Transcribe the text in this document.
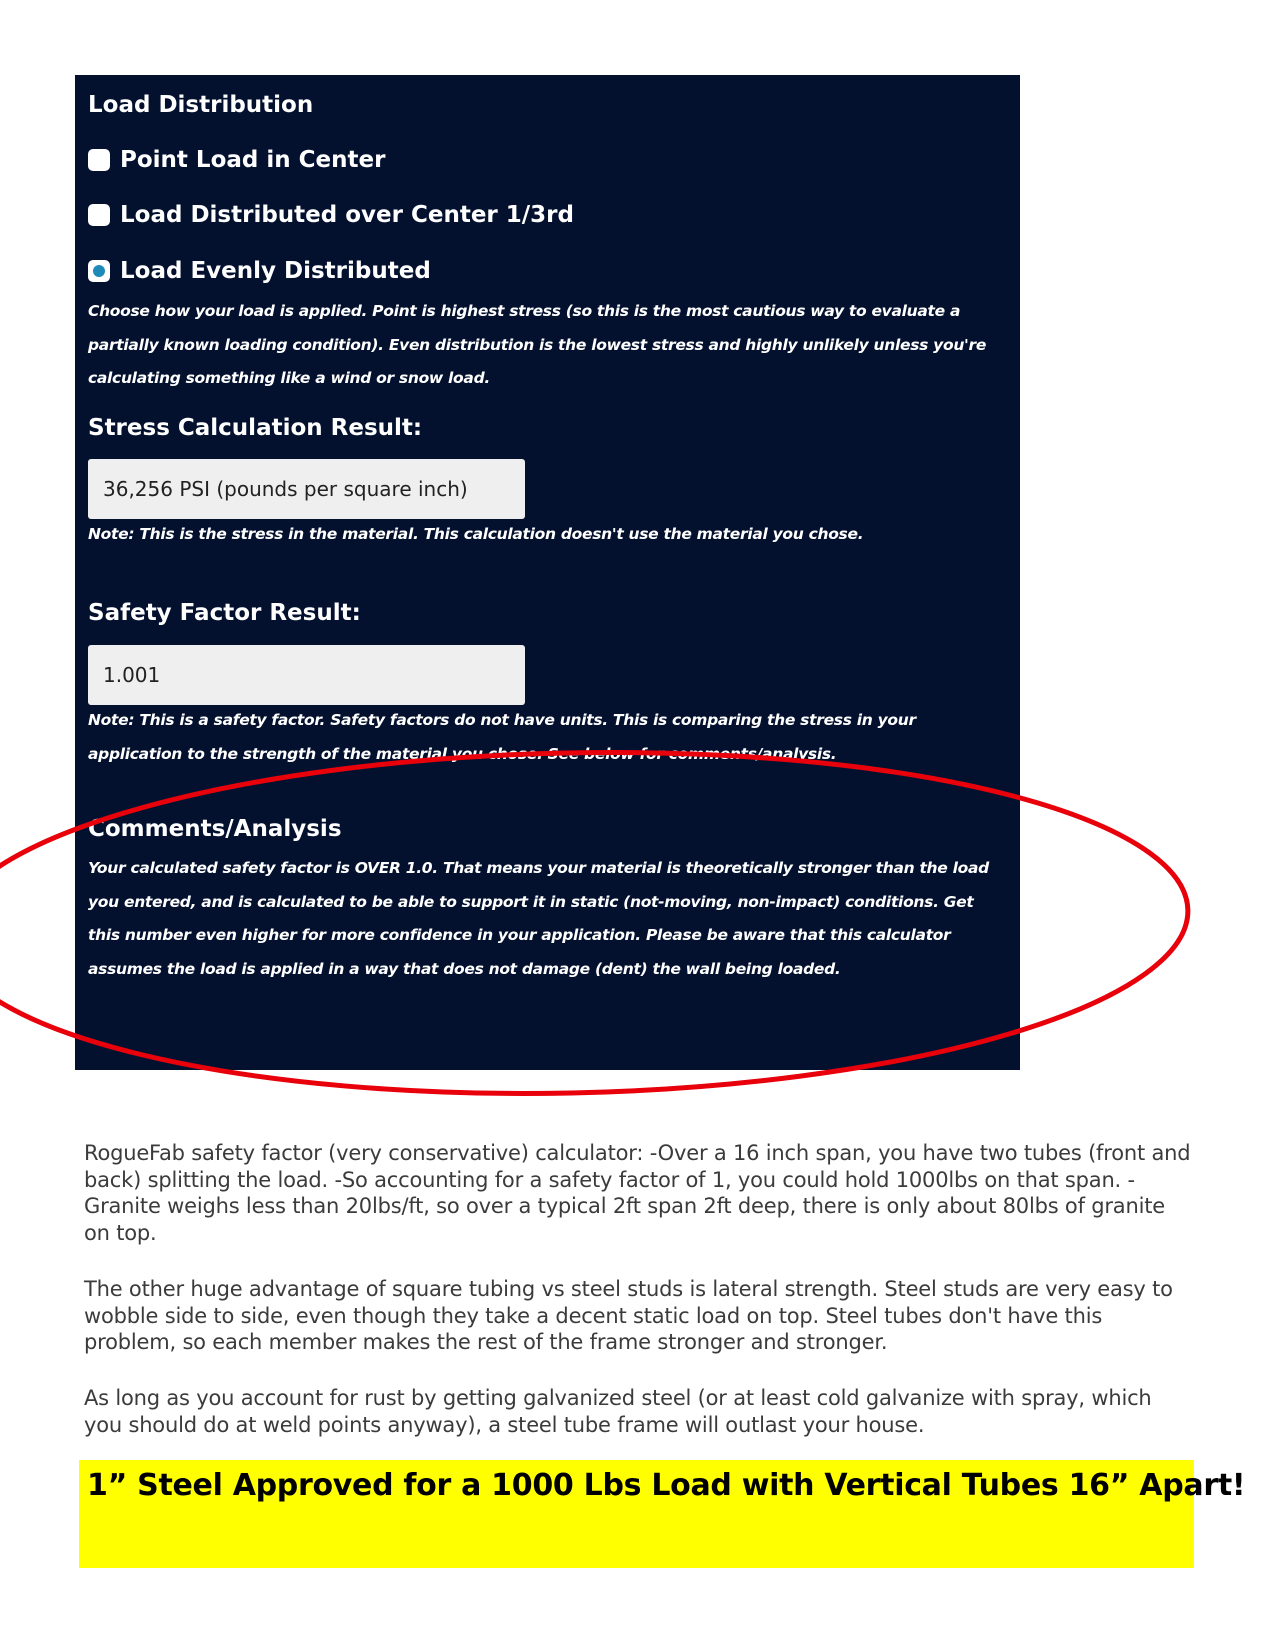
Load Distribution
Point Load in Center
Load Distributed over Center 1/3rd
Load Evenly Distributed
Choose how your load is applied. Point is highest stress (so this is the most cautious way to evaluate a
partially known loading condition). Even distribution is the lowest stress and highly unlikely unless you're
calculating something like a wind or snow load.
Stress Calculation Result:
36,256 PSI (pounds per square inch)
Note: This is the stress in the material. This calculation doesn't use the material you chose.
Safety Factor Result:
1.001
Note: This is a safety factor. Safety factors do not have units. This is comparing the stress in your
application to the strength of the material you chose. See below for comments/analysis.
Comments/Analysis
Your calculated safety factor is OVER 1.0. That means your material is theoretically stronger than the load
you entered, and is calculated to be able to support it in static (not-moving, non-impact) conditions. Get
this number even higher for more confidence in your application. Please be aware that this calculator
assumes the load is applied in a way that does not damage (dent) the wall being loaded.
RogueFab safety factor (very conservative) calculator: -Over a 16 inch span, you have two tubes (front and back) splitting the load. -So accounting for a safety factor of 1, you could hold 1000lbs on that span. -Granite weighs less than 20lbs/ft, so over a typical 2ft span 2ft deep, there is only about 80lbs of granite on top.
The other huge advantage of square tubing vs steel studs is lateral strength. Steel studs are very easy to wobble side to side, even though they take a decent static load on top. Steel tubes don't have this problem, so each member makes the rest of the frame stronger and stronger.
As long as you account for rust by getting galvanized steel (or at least cold galvanize with spray, which you should do at weld points anyway), a steel tube frame will outlast your house.
1” Steel Approved for a 1000 Lbs Load with Vertical Tubes 16” Apart!
